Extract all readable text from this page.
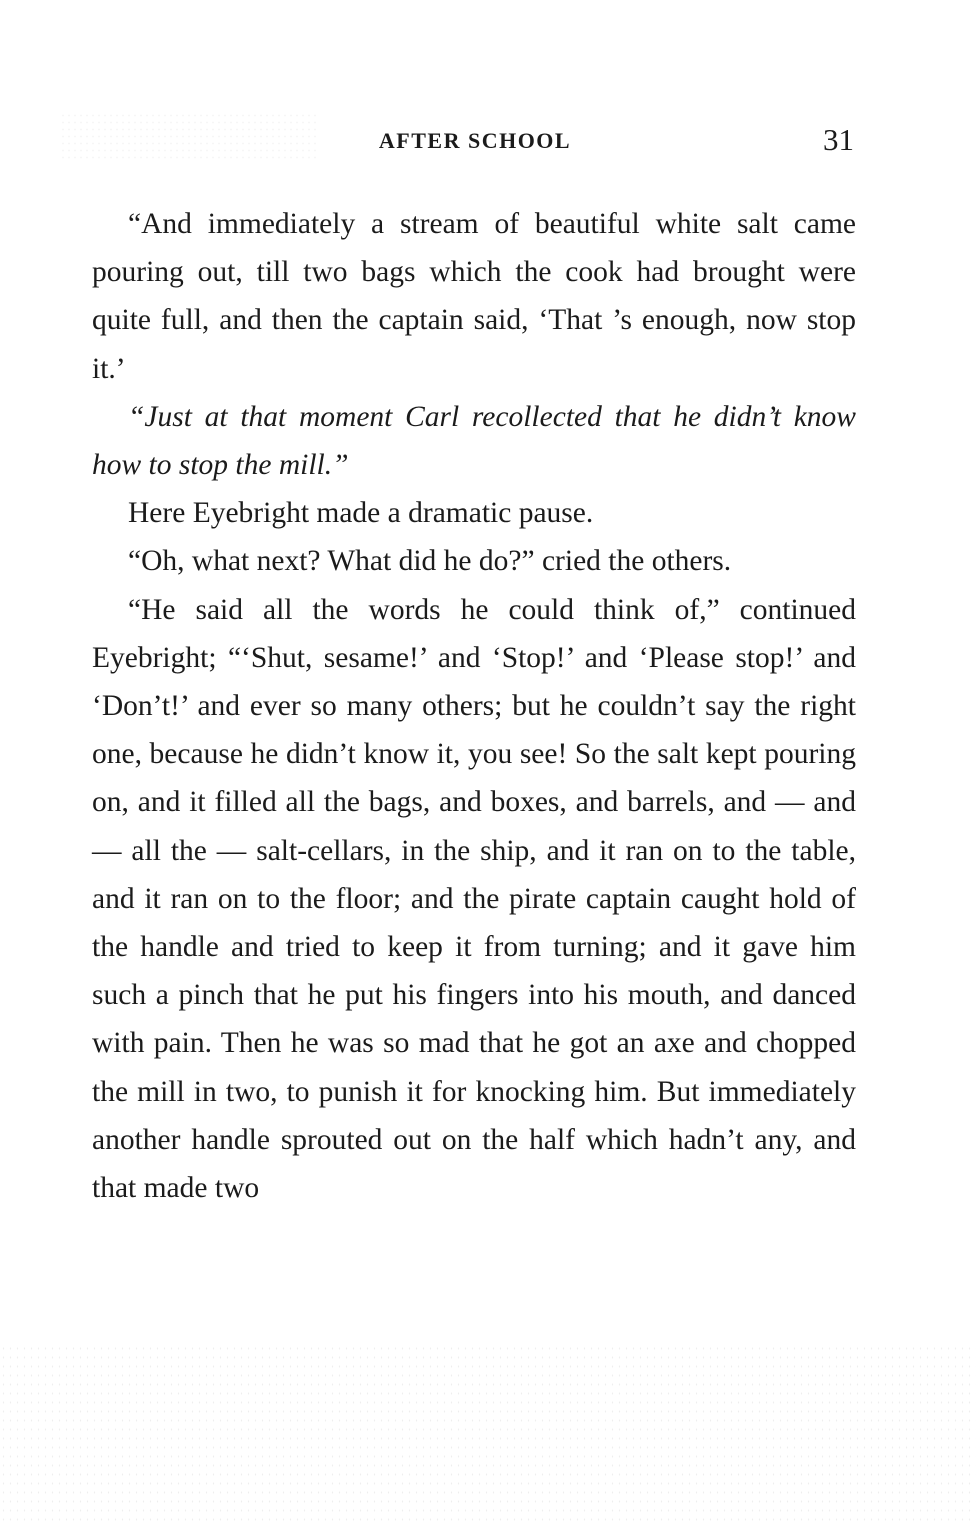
AFTER SCHOOL	31

“And immediately a stream of beautiful white salt came pouring out, till two bags which the cook had brought were quite full, and then the captain said, ‘That ’s enough, now stop it.’

“Just at that moment Carl recollected that he didn’t know how to stop the mill.”

Here Eyebright made a dramatic pause.

“Oh, what next? What did he do?” cried the others.

“He said all the words he could think of,” continued Eyebright; “‘Shut, sesame!’ and ‘Stop!’ and ‘Please stop!’ and ‘Don’t!’ and ever so many others; but he couldn’t say the right one, because he didn’t know it, you see! So the salt kept pouring on, and it filled all the bags, and boxes, and barrels, and — and — all the — salt-cellars, in the ship, and it ran on to the table, and it ran on to the floor; and the pirate captain caught hold of the handle and tried to keep it from turning; and it gave him such a pinch that he put his fingers into his mouth, and danced with pain. Then he was so mad that he got an axe and chopped the mill in two, to punish it for knocking him. But immediately another handle sprouted out on the half which hadn’t any, and that made two
